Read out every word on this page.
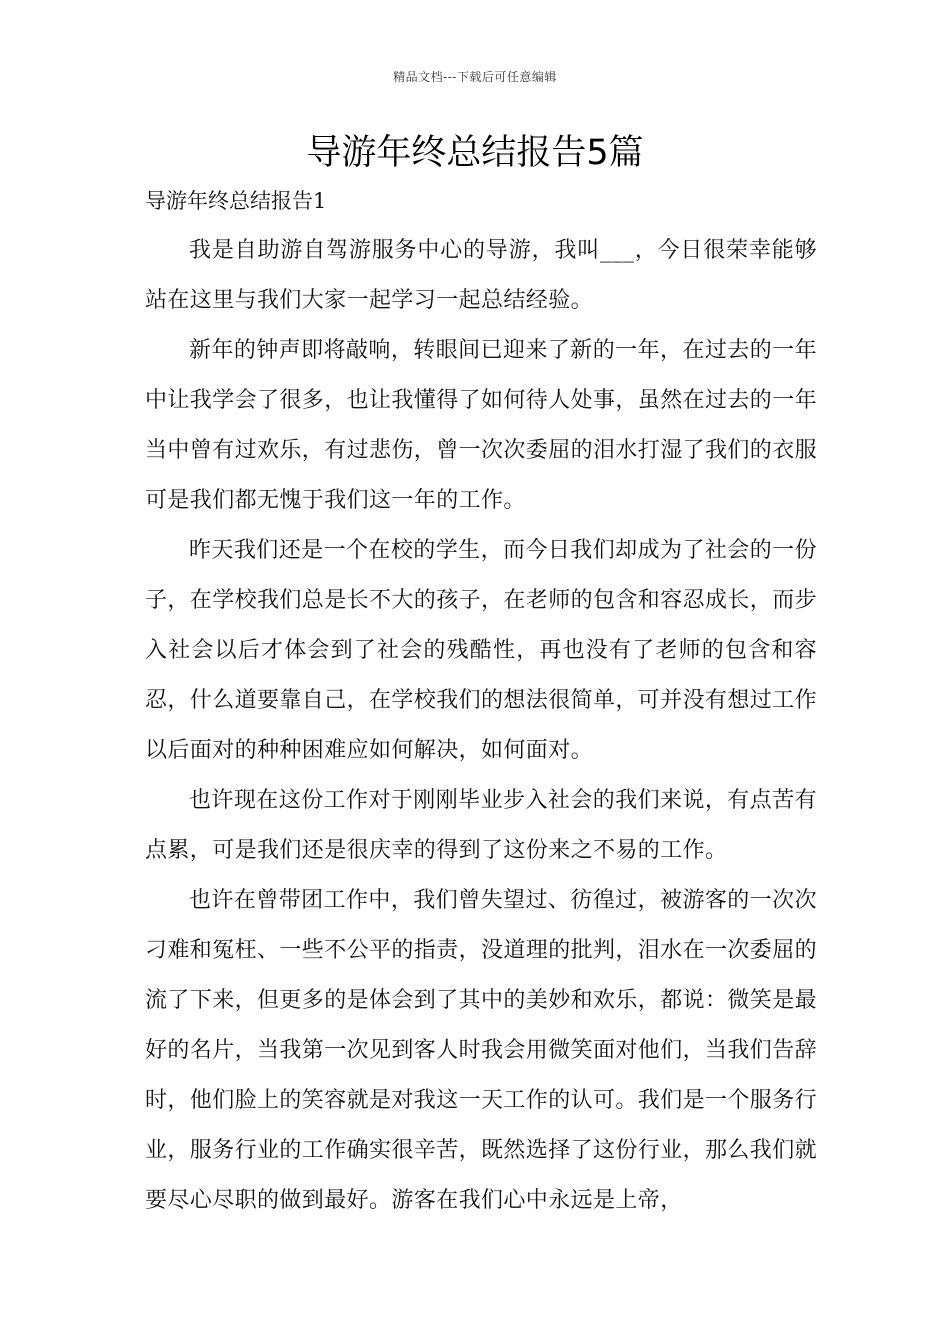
精品文档---下载后可任意编辑
导游年终总结报告5篇
导游年终总结报告1

我是自助游自驾游服务中心的导游，我叫___，今日很荣幸能够站在这里与我们大家一起学习一起总结经验。

新年的钟声即将敲响，转眼间已迎来了新的一年，在过去的一年中让我学会了很多，也让我懂得了如何待人处事，虽然在过去的一年当中曾有过欢乐，有过悲伤，曾一次次委屈的泪水打湿了我们的衣服可是我们都无愧于我们这一年的工作。

昨天我们还是一个在校的学生，而今日我们却成为了社会的一份子，在学校我们总是长不大的孩子，在老师的包含和容忍成长，而步入社会以后才体会到了社会的残酷性，再也没有了老师的包含和容忍，什么道要靠自己，在学校我们的想法很简单，可并没有想过工作以后面对的种种困难应如何解决，如何面对。

也许现在这份工作对于刚刚毕业步入社会的我们来说，有点苦有点累，可是我们还是很庆幸的得到了这份来之不易的工作。

也许在曾带团工作中，我们曾失望过、彷徨过，被游客的一次次刁难和冤枉、一些不公平的指责，没道理的批判，泪水在一次委屈的流了下来，但更多的是体会到了其中的美妙和欢乐，都说：微笑是最好的名片，当我第一次见到客人时我会用微笑面对他们，当我们告辞时，他们脸上的笑容就是对我这一天工作的认可。我们是一个服务行业，服务行业的工作确实很辛苦，既然选择了这份行业，那么我们就要尽心尽职的做到最好。游客在我们心中永远是上帝，
